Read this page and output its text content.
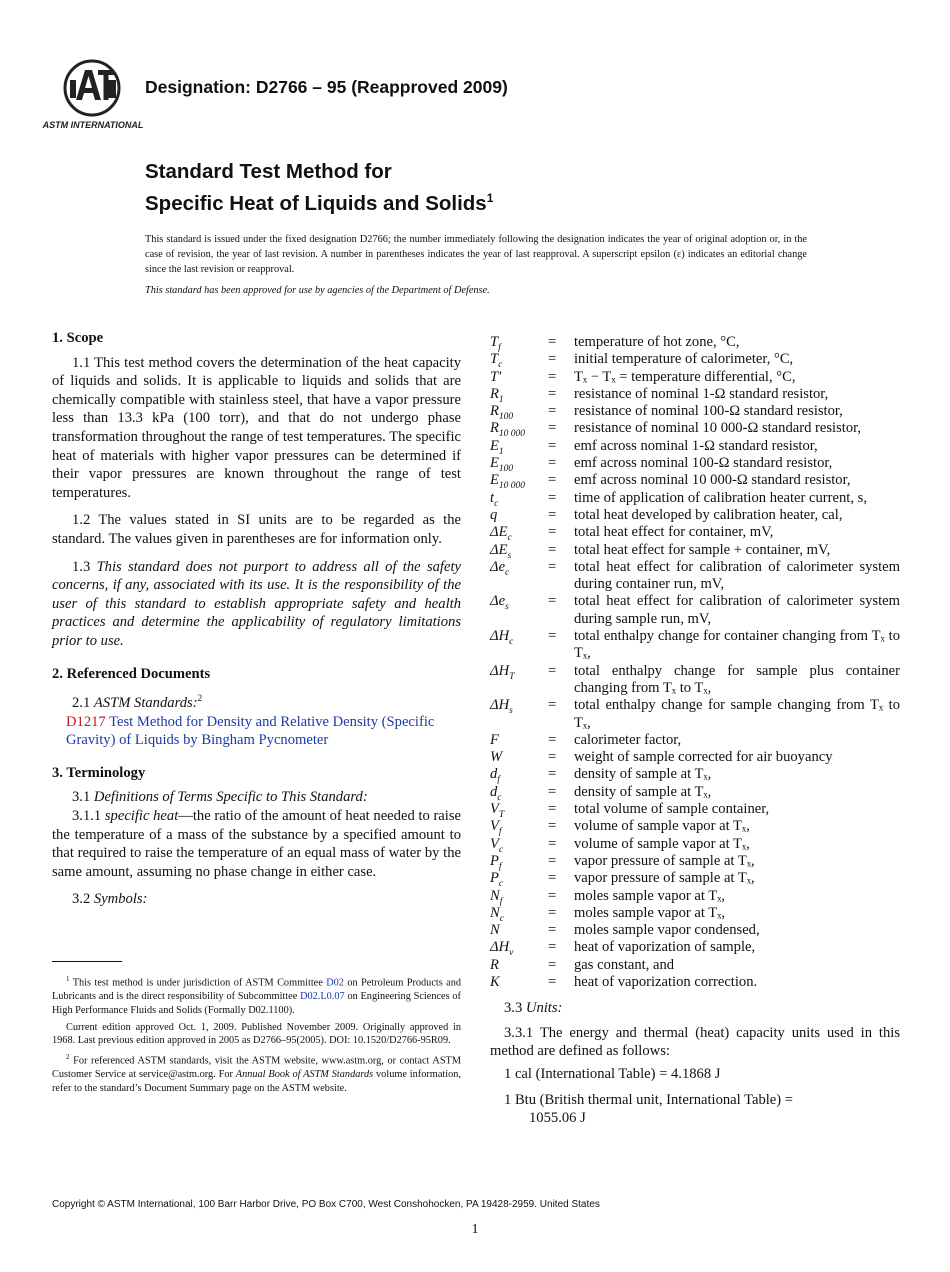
ASTM INTERNATIONAL
Designation: D2766 – 95 (Reapproved 2009)
Standard Test Method for
Specific Heat of Liquids and Solids$^1$
This standard is issued under the fixed designation D2766; the number immediately following the designation indicates the year of original adoption or, in the case of revision, the year of last revision. A number in parentheses indicates the year of last reapproval. A superscript epsilon (ε) indicates an editorial change since the last revision or reapproval.
This standard has been approved for use by agencies of the Department of Defense.
1. Scope

1.1 This test method covers the determination of the heat capacity of liquids and solids. It is applicable to liquids and solids that are chemically compatible with stainless steel, that have a vapor pressure less than 13.3 kPa (100 torr), and that do not undergo phase transformation throughout the range of test temperatures. The specific heat of materials with higher vapor pressures can be determined if their vapor pressures are known throughout the range of test temperatures.

1.2 The values stated in SI units are to be regarded as the standard. The values given in parentheses are for information only.

1.3 This standard does not purport to address all of the safety concerns, if any, associated with its use. It is the responsibility of the user of this standard to establish appropriate safety and health practices and determine the applicability of regulatory limitations prior to use.

2. Referenced Documents

2.1 ASTM Standards:$^2$

D1217 Test Method for Density and Relative Density (Specific Gravity) of Liquids by Bingham Pycnometer
3. Terminology

3.1 Definitions of Terms Specific to This Standard:

3.1.1 specific heat—the ratio of the amount of heat needed to raise the temperature of a mass of the substance by a specified amount to that required to raise the temperature of an equal mass of water by the same amount, assuming no phase change in either case.

3.2 Symbols:

$^1$ This test method is under jurisdiction of ASTM Committee D02 on Petroleum Products and Lubricants and is the direct responsibility of Subcommittee D02.L0.07 on Engineering Sciences of High Performance Fluids and Solids (Formally D02.1100).

Current edition approved Oct. 1, 2009. Published November 2009. Originally approved in 1968. Last previous edition approved in 2005 as D2766–95(2005). DOI: 10.1520/D2766-95R09.

$^2$ For referenced ASTM standards, visit the ASTM website, www.astm.org, or contact ASTM Customer Service at service@astm.org. For Annual Book of ASTM Standards volume information, refer to the standard’s Document Summary page on the ASTM website.

$T_f$	=	temperature of hot zone, °C,
$T_c$	=	initial temperature of calorimeter, °C,
T′	=	Tₓ − Tₓ = temperature differential, °C,
$R_1$	=	resistance of nominal 1-Ω standard resistor,
$R_{100}$	=	resistance of nominal 100-Ω standard resistor,
$R_{10 000}$	=	resistance of nominal 10 000-Ω standard resistor,
$E_1$	=	emf across nominal 1-Ω standard resistor,
$E_{100}$	=	emf across nominal 100-Ω standard resistor,
$E_{10 000}$	=	emf across nominal 10 000-Ω standard resistor,
$t_c$	=	time of application of calibration heater current, s,
q	=	total heat developed by calibration heater, cal,
$\Delta E_c$	=	total heat effect for container, mV,
$\Delta E_s$	=	total heat effect for sample + container, mV,
$\Delta e_c$	=	total heat effect for calibration of calorimeter system during container run, mV,
$\Delta e_s$	=	total heat effect for calibration of calorimeter system during sample run, mV,
$\Delta H_c$	=	total enthalpy change for container changing from Tₓ to Tₓ,
$\Delta H_T$	=	total enthalpy change for sample plus container changing from Tₓ to Tₓ,
$\Delta H_s$	=	total enthalpy change for sample changing from Tₓ to Tₓ,
F	=	calorimeter factor,
W	=	weight of sample corrected for air buoyancy
$d_f$	=	density of sample at Tₓ,
$d_c$	=	density of sample at Tₓ,
$V_T$	=	total volume of sample container,
$V_f$	=	volume of sample vapor at Tₓ,
$V_c$	=	volume of sample vapor at Tₓ,
$P_f$	=	vapor pressure of sample at Tₓ,
$P_c$	=	vapor pressure of sample at Tₓ,
$N_f$	=	moles sample vapor at Tₓ,
$N_c$	=	moles sample vapor at Tₓ,
N	=	moles sample vapor condensed,
$\Delta H_v$	=	heat of vaporization of sample,
R	=	gas constant, and
K	=	heat of vaporization correction.

3.3 Units:

3.3.1 The energy and thermal (heat) capacity units used in this method are defined as follows:

1 cal (International Table) = 4.1868 J
1 Btu (British thermal unit, International Table) =
1055.06 J
Copyright © ASTM International, 100 Barr Harbor Drive, PO Box C700, West Conshohocken, PA 19428-2959. United States
1
